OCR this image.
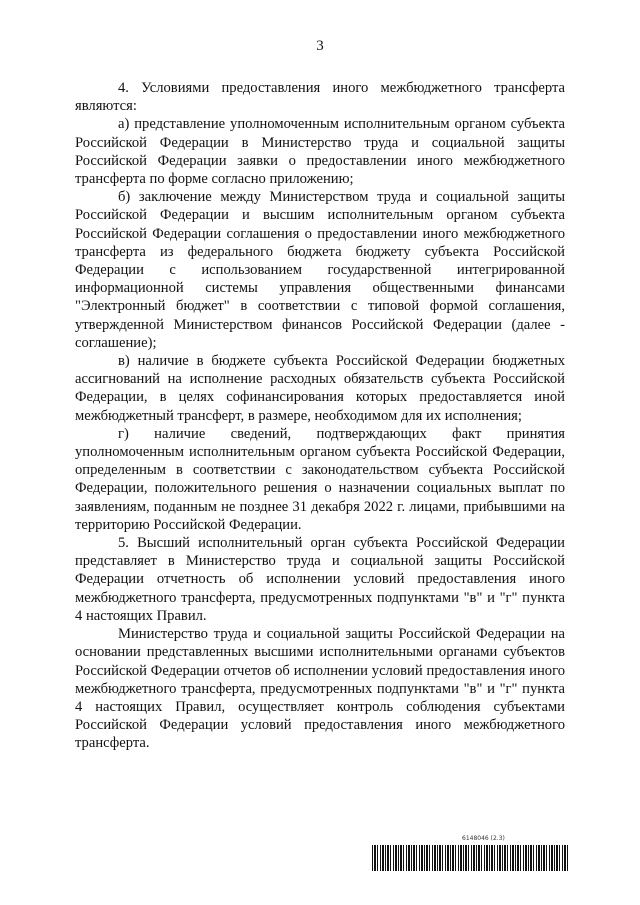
3

4. Условиями предоставления иного межбюджетного трансферта являются:

а) представление уполномоченным исполнительным органом субъекта Российской Федерации в Министерство труда и социальной защиты Российской Федерации заявки о предоставлении иного межбюджетного трансферта по форме согласно приложению;

б) заключение между Министерством труда и социальной защиты Российской Федерации и высшим исполнительным органом субъекта Российской Федерации соглашения о предоставлении иного межбюджетного трансферта из федерального бюджета бюджету субъекта Российской Федерации с использованием государственной интегрированной информационной системы управления общественными финансами "Электронный бюджет" в соответствии с типовой формой соглашения, утвержденной Министерством финансов Российской Федерации (далее - соглашение);

в) наличие в бюджете субъекта Российской Федерации бюджетных ассигнований на исполнение расходных обязательств субъекта Российской Федерации, в целях софинансирования которых предоставляется иной межбюджетный трансферт, в размере, необходимом для их исполнения;

г) наличие сведений, подтверждающих факт принятия уполномоченным исполнительным органом субъекта Российской Федерации, определенным в соответствии с законодательством субъекта Российской Федерации, положительного решения о назначении социальных выплат по заявлениям, поданным не позднее 31 декабря 2022 г. лицами, прибывшими на территорию Российской Федерации.

5. Высший исполнительный орган субъекта Российской Федерации представляет в Министерство труда и социальной защиты Российской Федерации отчетность об исполнении условий предоставления иного межбюджетного трансферта, предусмотренных подпунктами "в" и "г" пункта 4 настоящих Правил.

Министерство труда и социальной защиты Российской Федерации на основании представленных высшими исполнительными органами субъектов Российской Федерации отчетов об исполнении условий предоставления иного межбюджетного трансферта, предусмотренных подпунктами "в" и "г" пункта 4 настоящих Правил, осуществляет контроль соблюдения субъектами Российской Федерации условий предоставления иного межбюджетного трансферта.

6148046 (2.3)
